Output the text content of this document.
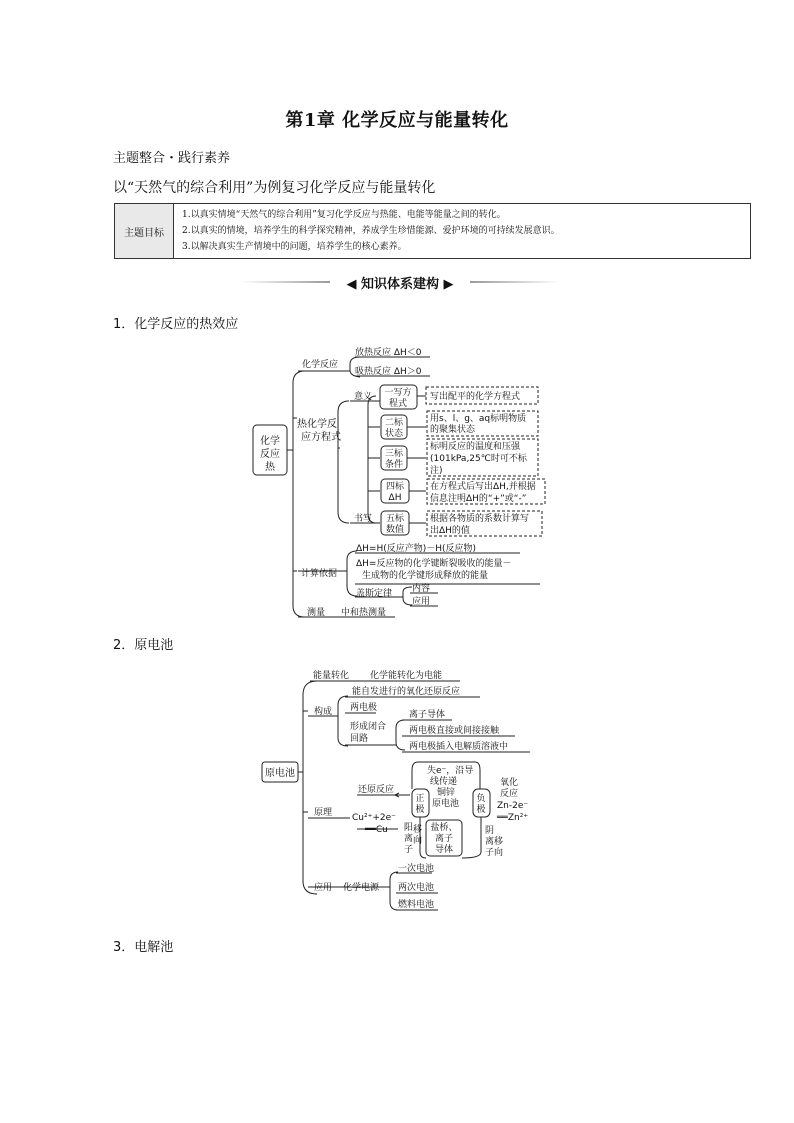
第1章 化学反应与能量转化
主题整合・践行素养
以“天然气的综合利用”为例复习化学反应与能量转化
主题目标	
1.以真实情境“天然气的综合利用”复习化学反应与热能、电能等能量之间的转化。
2.以真实的情境，培养学生的科学探究精神，养成学生珍惜能源、爱护环境的可持续发展意识。
3.以解决真实生产情境中的问题，培养学生的核心素养。
◀ 知识体系建构 ▶
1．化学反应的热效应
2．原电池
3．电解池
化学
反应
热
化学反应
放热反应 ΔH＜0
吸热反应 ΔH＞0
热化学反
应方程式
意义
书写
一写方
程式
二标
状态
三标
条件
四标
ΔH
五标
数值
写出配平的化学方程式
用s、l、g、aq标明物质
的聚集状态
标明反应的温度和压强
(101kPa,25℃时可不标
注)
在方程式后写出ΔH,并根据
信息注明ΔH的“+”或“-”
根据各物质的系数计算写
出ΔH的值
计算依据
ΔH=H(反应产物)－H(反应物)
ΔH=反应物的化学键断裂吸收的能量－
生成物的化学键形成释放的能量
盖斯定律 内容
应用
测量 中和热测量
原电池
能量转化 化学能转化为电能
构成
能自发进行的氧化还原反应
两电极
形成闭合
回路
离子导体
两电极直接或间接接触
两电极插入电解质溶液中
原理
还原反应
Cu²⁺+2e⁻
══Cu
失e⁻，沿导
线传递
铜锌
原电池
正
极
负
极
氧化
反应
Zn-2e⁻
══Zn²⁺
阳
离
移
子
向
阴
离 移
子 向
盐桥、
离子
导体
应用 化学电源
一次电池
两次电池
燃料电池
